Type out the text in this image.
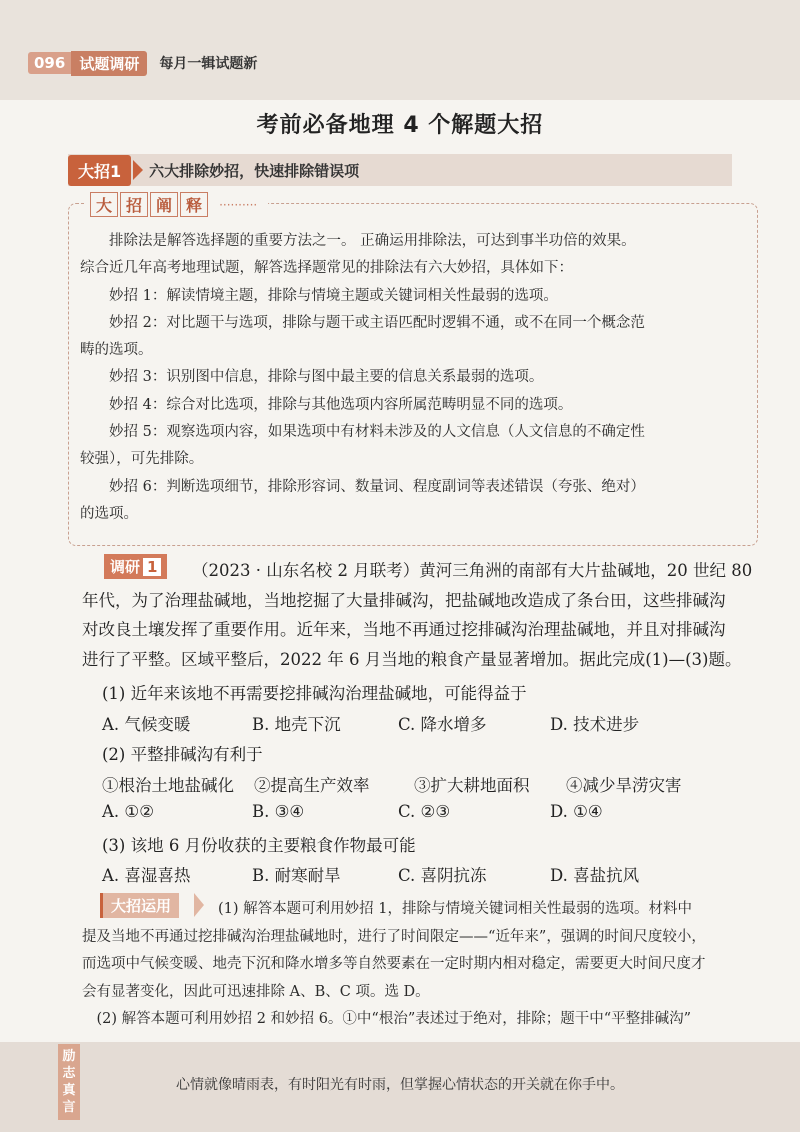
096 试题调研	每月一辑试题新
考前必备地理 4 个解题大招
大招1	六大排除妙招，快速排除错误项
大 招 阐 释	··········

排除法是解答选择题的重要方法之一。 正确运用排除法，可达到事半功倍的效果。

综合近几年高考地理试题，解答选择题常见的排除法有六大妙招，具体如下：

妙招 1：解读情境主题，排除与情境主题或关键词相关性最弱的选项。

妙招 2：对比题干与选项，排除与题干或主语匹配时逻辑不通，或不在同一个概念范

畴的选项。

妙招 3：识别图中信息，排除与图中最主要的信息关系最弱的选项。

妙招 4：综合对比选项，排除与其他选项内容所属范畴明显不同的选项。

妙招 5：观察选项内容，如果选项中有材料未涉及的人文信息（人文信息的不确定性

较强），可先排除。

妙招 6：判断选项细节，排除形容词、数量词、程度副词等表述错误（夸张、绝对）

的选项。

（2023 · 山东名校 2 月联考）黄河三角洲的南部有大片盐碱地，20 世纪 80

年代，为了治理盐碱地，当地挖掘了大量排碱沟，把盐碱地改造成了条台田，这些排碱沟

对改良土壤发挥了重要作用。近年来，当地不再通过挖排碱沟治理盐碱地，并且对排碱沟

进行了平整。区域平整后，2022 年 6 月当地的粮食产量显著增加。据此完成(1)—(3)题。

调研 1
(1) 近年来该地不再需要挖排碱沟治理盐碱地，可能得益于
A. 气候变暖	B. 地壳下沉	C. 降水增多	D. 技术进步
(2) 平整排碱沟有利于
①根治土地盐碱化 ②提高生产效率	③扩大耕地面积 ④减少旱涝灾害
A. ①②	B. ③④	C. ②③	D. ①④
(3) 该地 6 月份收获的主要粮食作物最可能
A. 喜湿喜热	B. 耐寒耐旱	C. 喜阴抗冻	D. 喜盐抗风

(1) 解答本题可利用妙招 1，排除与情境关键词相关性最弱的选项。材料中

提及当地不再通过挖排碱沟治理盐碱地时，进行了时间限定——“近年来”，强调的时间尺度较小，

而选项中气候变暖、地壳下沉和降水增多等自然要素在一定时期内相对稳定，需要更大时间尺度才

会有显著变化，因此可迅速排除 A、B、C 项。选 D。

(2) 解答本题可利用妙招 2 和妙招 6。①中“根治”表述过于绝对，排除；题干中“平整排碱沟”

大招运用
励
志
真
言
心情就像晴雨表，有时阳光有时雨，但掌握心情状态的开关就在你手中。
